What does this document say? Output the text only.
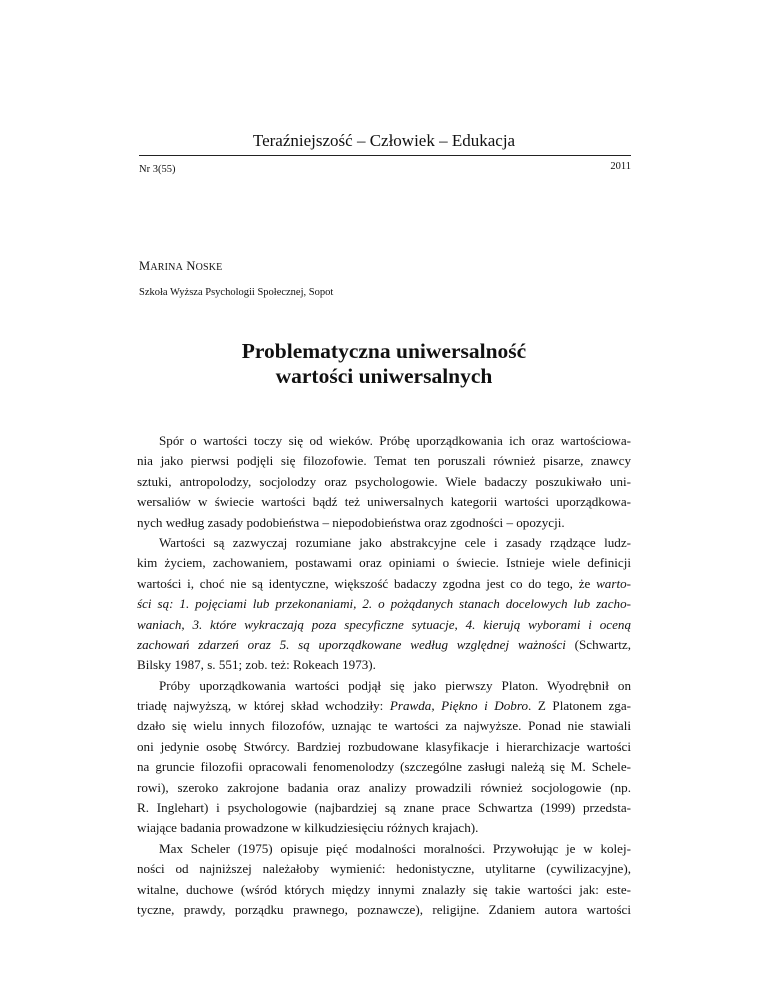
Teraźniejszość – Człowiek – Edukacja
Nr 3(55)	2011
MARINA NOSKE
Szkoła Wyższa Psychologii Społecznej, Sopot
Problematyczna uniwersalność
wartości uniwersalnych
Spór o wartości toczy się od wieków. Próbę uporządkowania ich oraz wartościowa-
nia jako pierwsi podjęli się filozofowie. Temat ten poruszali również pisarze, znawcy
sztuki, antropolodzy, socjolodzy oraz psychologowie. Wiele badaczy poszukiwało uni-
wersaliów w świecie wartości bądź też uniwersalnych kategorii wartości uporządkowa-
nych według zasady podobieństwa – niepodobieństwa oraz zgodności – opozycji.
Wartości są zazwyczaj rozumiane jako abstrakcyjne cele i zasady rządzące ludz-
kim życiem, zachowaniem, postawami oraz opiniami o świecie. Istnieje wiele definicji
wartości i, choć nie są identyczne, większość badaczy zgodna jest co do tego, że warto-
ści są: 1. pojęciami lub przekonaniami, 2. o pożądanych stanach docelowych lub zacho-
waniach, 3. które wykraczają poza specyficzne sytuacje, 4. kierują wyborami i oceną
zachowań zdarzeń oraz 5. są uporządkowane według względnej ważności (Schwartz,
Bilsky 1987, s. 551; zob. też: Rokeach 1973).
Próby uporządkowania wartości podjął się jako pierwszy Platon. Wyodrębnił on
triadę najwyższą, w której skład wchodziły: Prawda, Piękno i Dobro. Z Platonem zga-
dzało się wielu innych filozofów, uznając te wartości za najwyższe. Ponad nie stawiali
oni jedynie osobę Stwórcy. Bardziej rozbudowane klasyfikacje i hierarchizacje wartości
na gruncie filozofii opracowali fenomenolodzy (szczególne zasługi należą się M. Schele-
rowi), szeroko zakrojone badania oraz analizy prowadzili również socjologowie (np.
R. Inglehart) i psychologowie (najbardziej są znane prace Schwartza (1999) przedsta-
wiające badania prowadzone w kilkudziesięciu różnych krajach).
Max Scheler (1975) opisuje pięć modalności moralności. Przywołując je w kolej-
ności od najniższej należałoby wymienić: hedonistyczne, utylitarne (cywilizacyjne),
witalne, duchowe (wśród których między innymi znalazły się takie wartości jak: este-
tyczne, prawdy, porządku prawnego, poznawcze), religijne. Zdaniem autora wartości
